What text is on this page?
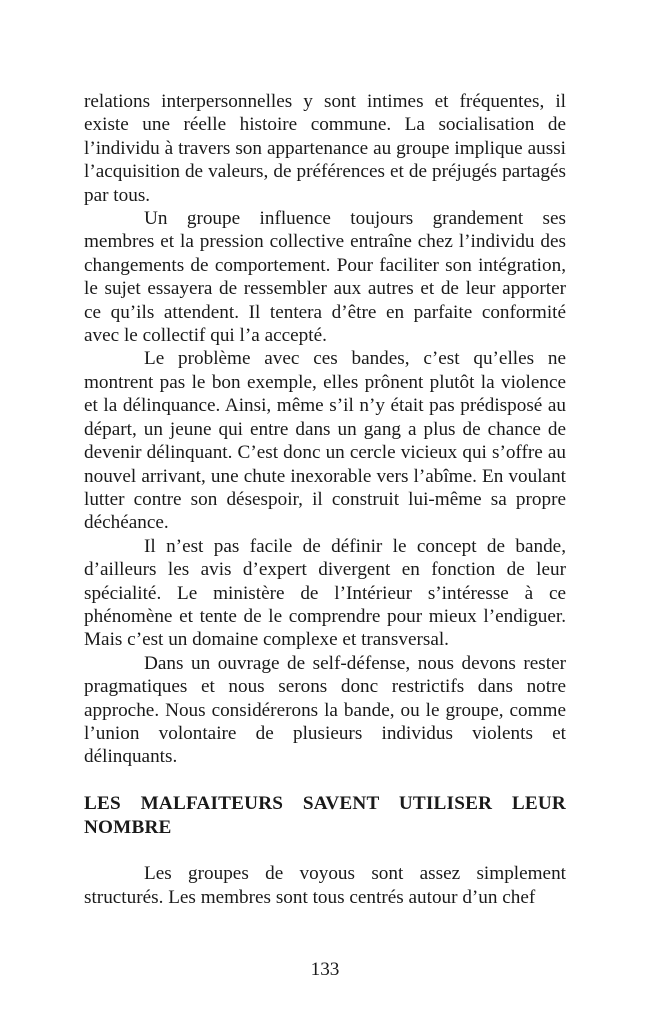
relations interpersonnelles y sont intimes et fréquentes, il existe une réelle histoire commune. La socialisation de l’individu à travers son appartenance au groupe implique aussi l’acquisition de valeurs, de préférences et de préjugés partagés par tous.

Un groupe influence toujours grandement ses membres et la pression collective entraîne chez l’individu des changements de comportement. Pour faciliter son intégration, le sujet essayera de ressembler aux autres et de leur apporter ce qu’ils attendent. Il tentera d’être en parfaite conformité avec le collectif qui l’a accepté.

Le problème avec ces bandes, c’est qu’elles ne montrent pas le bon exemple, elles prônent plutôt la violence et la délinquance. Ainsi, même s’il n’y était pas prédisposé au départ, un jeune qui entre dans un gang a plus de chance de devenir délinquant. C’est donc un cercle vicieux qui s’offre au nouvel arrivant, une chute inexorable vers l’abîme. En voulant lutter contre son désespoir, il construit lui-même sa propre déchéance.

Il n’est pas facile de définir le concept de bande, d’ailleurs les avis d’expert divergent en fonction de leur spécialité. Le ministère de l’Intérieur s’intéresse à ce phénomène et tente de le comprendre pour mieux l’endiguer. Mais c’est un domaine complexe et transversal.

Dans un ouvrage de self-défense, nous devons rester pragmatiques et nous serons donc restrictifs dans notre approche. Nous considérerons la bande, ou le groupe, comme l’union volontaire de plusieurs individus violents et délinquants.

LES MALFAITEURS SAVENT UTILISER LEUR
NOMBRE

Les groupes de voyous sont assez simplement structurés. Les membres sont tous centrés autour d’un chef

133
